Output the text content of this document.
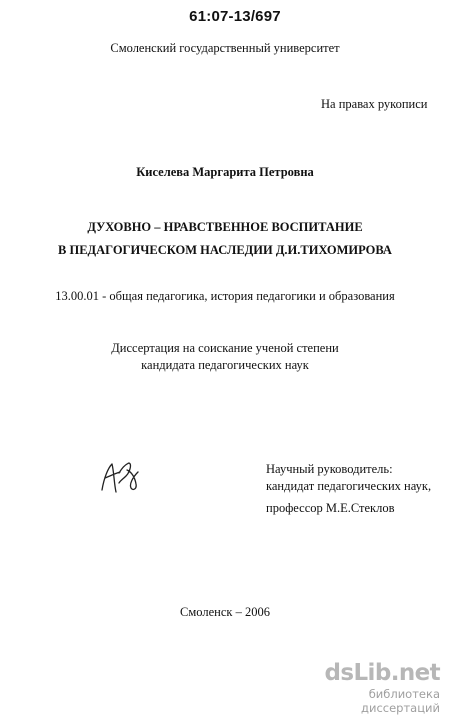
61:07-13/697
Смоленский государственный университет
На правах рукописи
Киселева Маргарита Петровна
ДУХОВНО – НРАВСТВЕННОЕ ВОСПИТАНИЕ
В ПЕДАГОГИЧЕСКОМ НАСЛЕДИИ Д.И.ТИХОМИРОВА
13.00.01 - общая педагогика, история педагогики и образования
Диссертация на соискание ученой степени
кандидата педагогических наук
Научный руководитель:
кандидат педагогических наук,
профессор М.Е.Стеклов
Смоленск – 2006
dsLib.net
библиотека диссертаций
